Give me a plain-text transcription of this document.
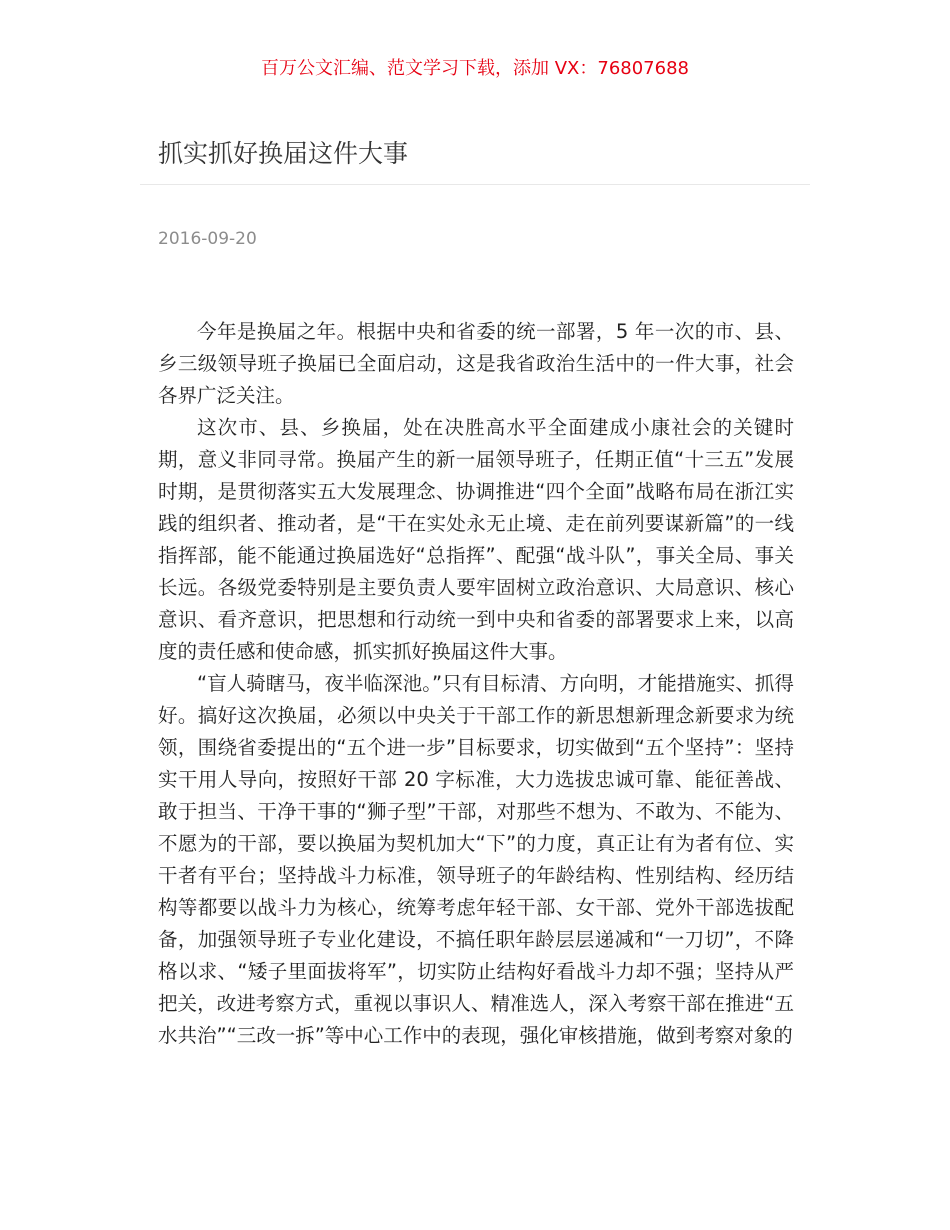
百万公文汇编、范文学习下载，添加 VX：76807688
抓实抓好换届这件大事
2016-09-20

今年是换届之年。根据中央和省委的统一部署，5 年一次的市、县、乡三级领导班子换届已全面启动，这是我省政治生活中的一件大事，社会各界广泛关注。

这次市、县、乡换届，处在决胜高水平全面建成小康社会的关键时期，意义非同寻常。换届产生的新一届领导班子，任期正值“十三五”发展时期，是贯彻落实五大发展理念、协调推进“四个全面”战略布局在浙江实践的组织者、推动者，是“干在实处永无止境、走在前列要谋新篇”的一线指挥部，能不能通过换届选好“总指挥”、配强“战斗队”，事关全局、事关长远。各级党委特别是主要负责人要牢固树立政治意识、大局意识、核心意识、看齐意识，把思想和行动统一到中央和省委的部署要求上来，以高度的责任感和使命感，抓实抓好换届这件大事。

“盲人骑瞎马，夜半临深池。”只有目标清、方向明，才能措施实、抓得好。搞好这次换届，必须以中央关于干部工作的新思想新理念新要求为统领，围绕省委提出的“五个进一步”目标要求，切实做到“五个坚持”：坚持实干用人导向，按照好干部 20 字标准，大力选拔忠诚可靠、能征善战、敢于担当、干净干事的“狮子型”干部，对那些不想为、不敢为、不能为、不愿为的干部，要以换届为契机加大“下”的力度，真正让有为者有位、实干者有平台；坚持战斗力标准，领导班子的年龄结构、性别结构、经历结构等都要以战斗力为核心，统筹考虑年轻干部、女干部、党外干部选拔配备，加强领导班子专业化建设，不搞任职年龄层层递减和“一刀切”，不降格以求、“矮子里面拔将军”，切实防止结构好看战斗力却不强；坚持从严把关，改进考察方式，重视以事识人、精准选人，深入考察干部在推进“五水共治”“三改一拆”等中心工作中的表现，强化审核措施，做到考察对象的
